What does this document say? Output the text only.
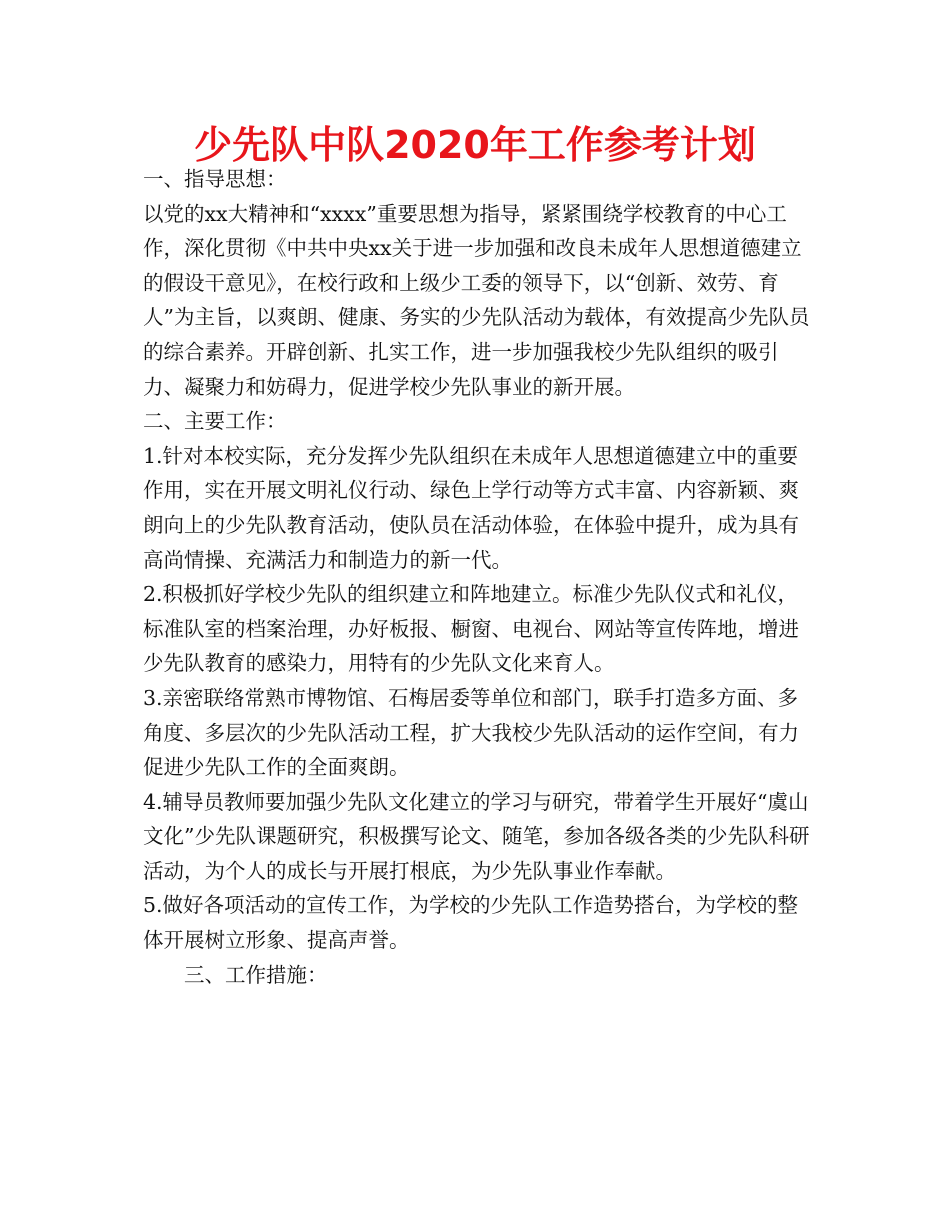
少先队中队2020年工作参考计划

一、指导思想：

以党的xx大精神和“xxxx”重要思想为指导，紧紧围绕学校教育的中心工作，深化贯彻《中共中央xx关于进一步加强和改良未成年人思想道德建立的假设干意见》，在校行政和上级少工委的领导下，以“创新、效劳、育人”为主旨，以爽朗、健康、务实的少先队活动为载体，有效提高少先队员的综合素养。开辟创新、扎实工作，进一步加强我校少先队组织的吸引力、凝聚力和妨碍力，促进学校少先队事业的新开展。

二、主要工作：

1.针对本校实际，充分发挥少先队组织在未成年人思想道德建立中的重要作用，实在开展文明礼仪行动、绿色上学行动等方式丰富、内容新颖、爽朗向上的少先队教育活动，使队员在活动体验，在体验中提升，成为具有高尚情操、充满活力和制造力的新一代。

2.积极抓好学校少先队的组织建立和阵地建立。标准少先队仪式和礼仪，标准队室的档案治理，办好板报、橱窗、电视台、网站等宣传阵地，增进少先队教育的感染力，用特有的少先队文化来育人。

3.亲密联络常熟市博物馆、石梅居委等单位和部门，联手打造多方面、多角度、多层次的少先队活动工程，扩大我校少先队活动的运作空间，有力促进少先队工作的全面爽朗。

4.辅导员教师要加强少先队文化建立的学习与研究，带着学生开展好“虞山文化”少先队课题研究，积极撰写论文、随笔，参加各级各类的少先队科研活动，为个人的成长与开展打根底，为少先队事业作奉献。

5.做好各项活动的宣传工作，为学校的少先队工作造势搭台，为学校的整体开展树立形象、提高声誉。

三、工作措施：
